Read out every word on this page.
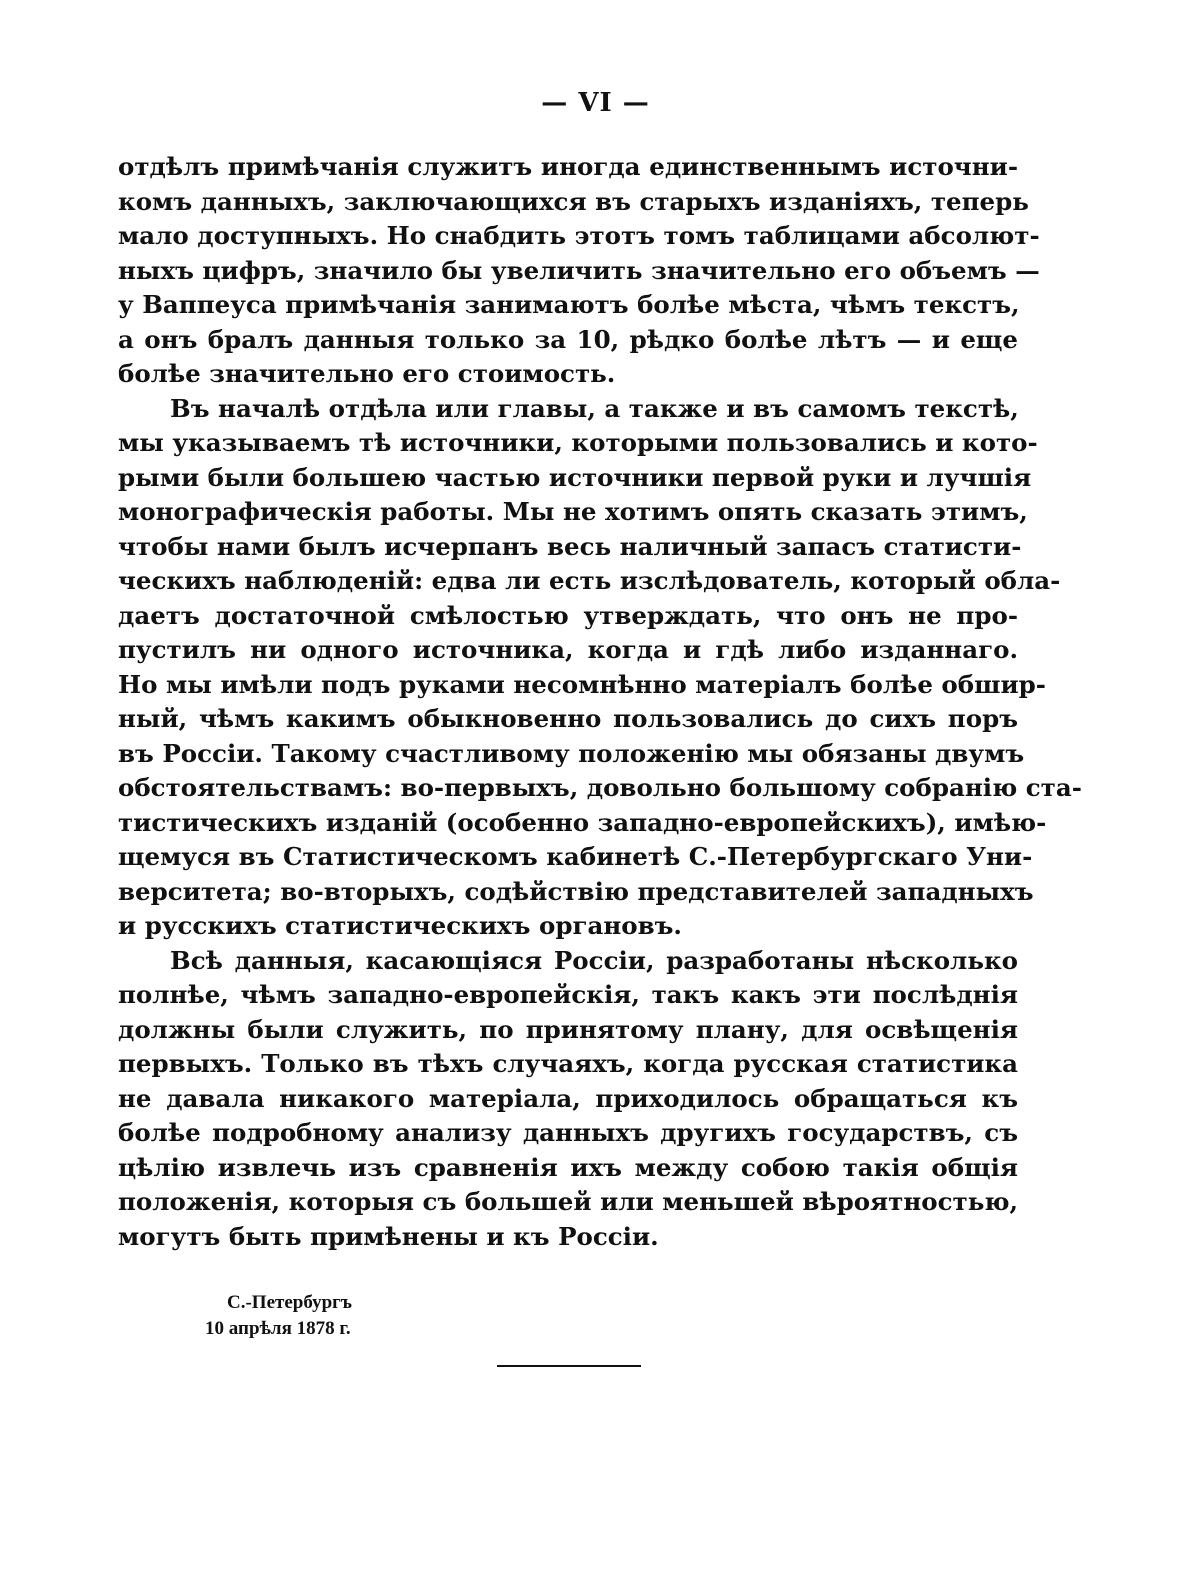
— VI —
отдѣлъ примѣчанія служитъ иногда единственнымъ источни-
комъ данныхъ, заключающихся въ старыхъ изданіяхъ, теперь
мало доступныхъ. Но снабдить этотъ томъ таблицами абсолют-
ныхъ цифръ, значило бы увеличить значительно его объемъ —
у Ваппеуса примѣчанія занимаютъ болѣе мѣста, чѣмъ текстъ,
а онъ бралъ данныя только за 10, рѣдко болѣе лѣтъ — и еще
болѣе значительно его стоимость.
Въ началѣ отдѣла или главы, а также и въ самомъ текстѣ,
мы указываемъ тѣ источники, которыми пользовались и кото-
рыми были большею частью источники первой руки и лучшія
монографическія работы. Мы не хотимъ опять сказать этимъ,
чтобы нами былъ исчерпанъ весь наличный запасъ статисти-
ческихъ наблюденій: едва ли есть изслѣдователь, который обла-
даетъ достаточной смѣлостью утверждать, что онъ не про-
пустилъ ни одного источника, когда и гдѣ либо изданнаго.
Но мы имѣли подъ руками несомнѣнно матеріалъ болѣе обшир-
ный, чѣмъ какимъ обыкновенно пользовались до сихъ поръ
въ Россіи. Такому счастливому положенію мы обязаны двумъ
обстоятельствамъ: во-первыхъ, довольно большому собранію ста-
тистическихъ изданій (особенно западно-европейскихъ), имѣю-
щемуся въ Статистическомъ кабинетѣ С.-Петербургскаго Уни-
верситета; во-вторыхъ, содѣйствію представителей западныхъ
и русскихъ статистическихъ органовъ.
Всѣ данныя, касающіяся Россіи, разработаны нѣсколько
полнѣе, чѣмъ западно-европейскія, такъ какъ эти послѣднія
должны были служить, по принятому плану, для освѣщенія
первыхъ. Только въ тѣхъ случаяхъ, когда русская статистика
не давала никакого матеріала, приходилось обращаться къ
болѣе подробному анализу данныхъ другихъ государствъ, съ
цѣлію извлечь изъ сравненія ихъ между собою такія общія
положенія, которыя съ большей или меньшей вѣроятностью,
могутъ быть примѣнены и къ Россіи.
С.-Петербургъ
10 апрѣля 1878 г.
